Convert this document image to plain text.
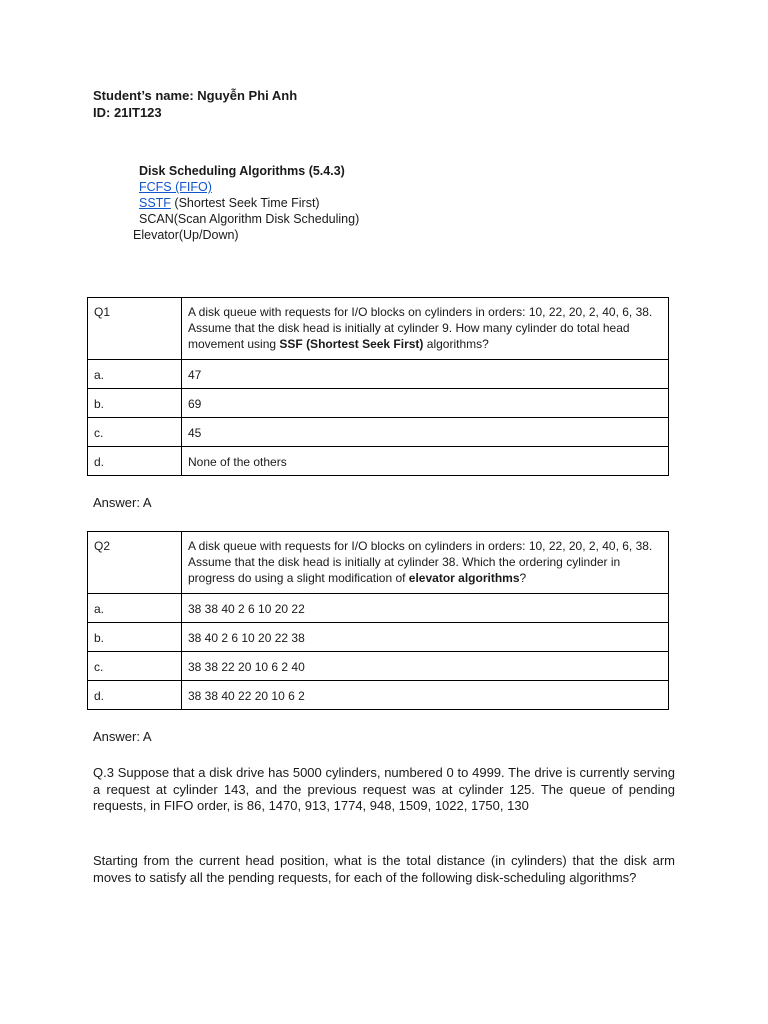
Student’s name: Nguyễn Phi Anh
ID: 21IT123
Disk Scheduling Algorithms (5.4.3)
FCFS (FIFO)
SSTF (Shortest Seek Time First)
SCAN(Scan Algorithm Disk Scheduling)
Elevator(Up/Down)
Q1	A disk queue with requests for I/O blocks on cylinders in orders: 10, 22, 20, 2, 40, 6, 38. Assume that the disk head is initially at cylinder 9. How many cylinder do total head movement using SSF (Shortest Seek First) algorithms?
a.	47
b.	69
c.	45
d.	None of the others
Answer: A
Q2	A disk queue with requests for I/O blocks on cylinders in orders: 10, 22, 20, 2, 40, 6, 38. Assume that the disk head is initially at cylinder 38. Which the ordering cylinder in progress do using a slight modification of elevator algorithms?
a.	38 38 40 2 6 10 20 22
b.	38 40 2 6 10 20 22 38
c.	38 38 22 20 10 6 2 40
d.	38 38 40 22 20 10 6 2
Answer: A
Q.3 Suppose that a disk drive has 5000 cylinders, numbered 0 to 4999. The drive is currently serving a request at cylinder 143, and the previous request was at cylinder 125. The queue of pending requests, in FIFO order, is 86, 1470, 913, 1774, 948, 1509, 1022, 1750, 130
Starting from the current head position, what is the total distance (in cylinders) that the disk arm moves to satisfy all the pending requests, for each of the following disk-scheduling algorithms?
